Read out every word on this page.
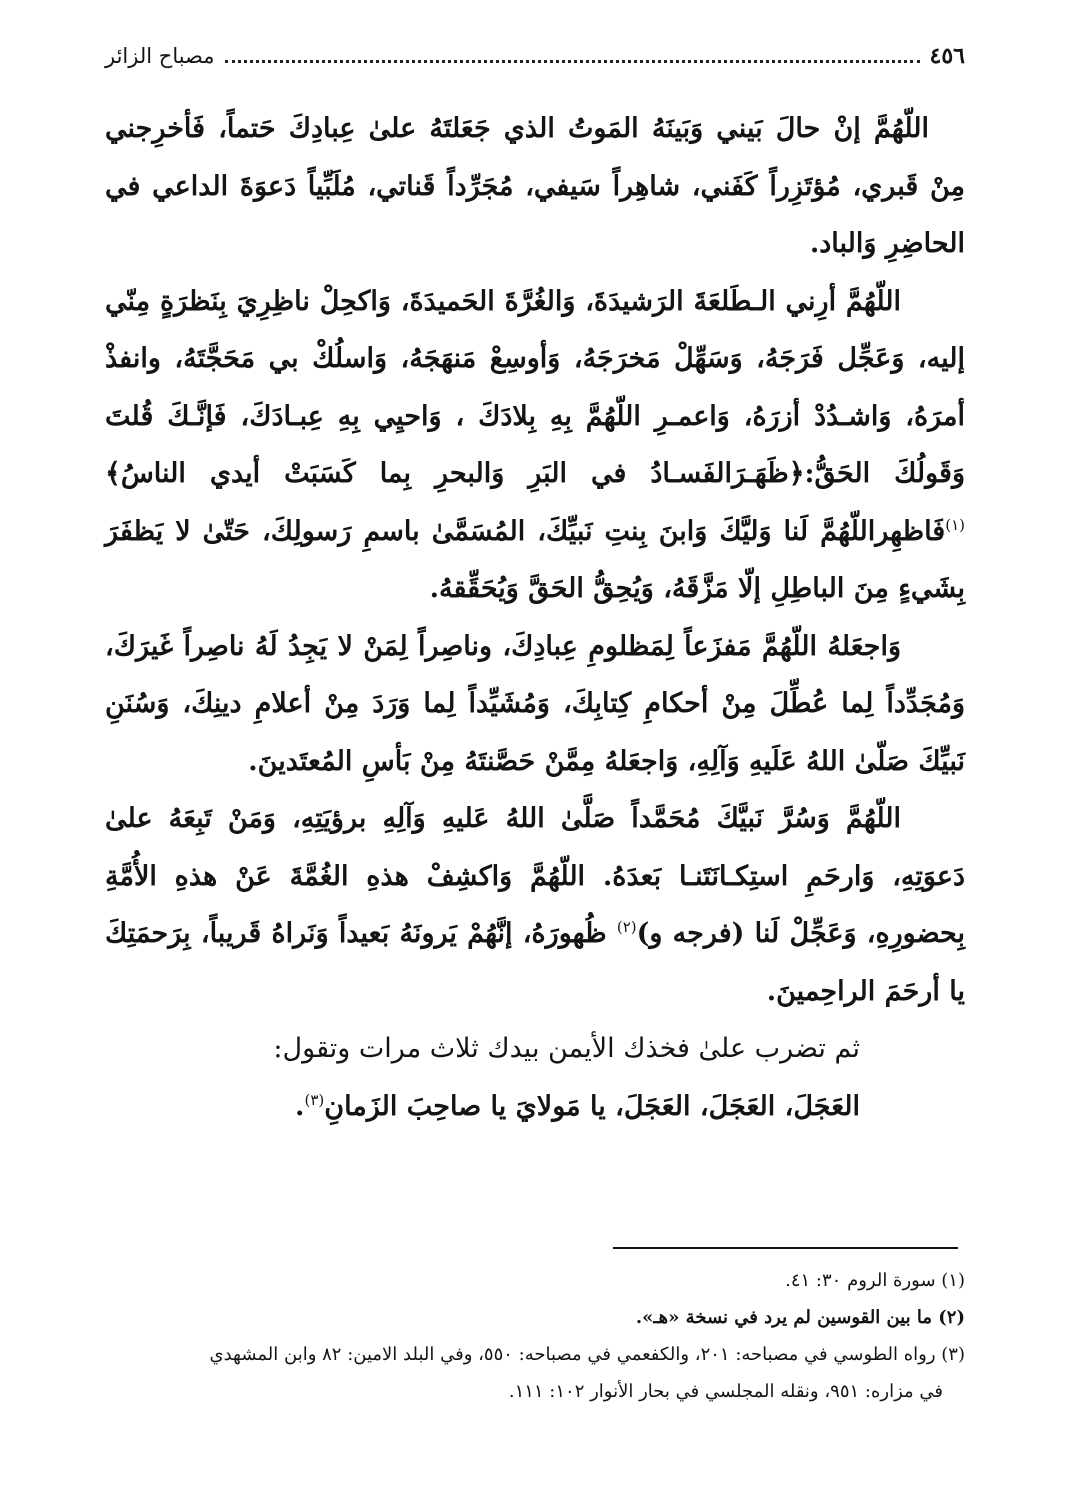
مصباح الزائر	٤٥٦

اللّهُمَّ إنْ حالَ بَيني وَبَينَهُ المَوتُ الذي جَعَلتَهُ علىٰ عِبادِكَ حَتماً، فَأخرِجني مِنْ قَبري، مُؤتَزِراً كَفَني، شاهِراً سَيفي، مُجَرِّداً قَناتي، مُلَبِّياً دَعوَةَ الداعي في الحاضِرِ وَالباد.

اللّهُمَّ أرِني الـطَلعَةَ الرَشيدَةَ، وَالغُرَّةَ الحَميدَةَ، وَاكحِلْ ناظِرِيَ بِنَظرَةٍ مِنّي إليه، وَعَجِّل فَرَجَهُ، وَسَهِّلْ مَخرَجَهُ، وَأوسِعْ مَنهَجَهُ، وَاسلُكْ بي مَحَجَّتَهُ، وانفذْ أمرَهُ، وَاشـدُدْ أزرَهُ، وَاعمـرِ اللّهُمَّ بِهِ بِلادَكَ ، وَاحيِي بِهِ عِبـادَكَ، فَإنَّـكَ قُلتَ وَقَولُكَ الحَقُّ:﴿ظَهَـرَالفَسـادُ في البَرِ وَالبحرِ بِما كَسَبَتْ أيدي الناسُ﴾$^{(١)}$فَاظهِراللّهُمَّ لَنا وَليَّكَ وَابنَ بِنتِ نَبيِّكَ، المُسَمَّىٰ باسمِ رَسولِكَ، حَتّىٰ لا يَظفَرَ بِشَيءٍ مِنَ الباطِلِ إلّا مَزَّقَهُ، وَيُحِقُّ الحَقَّ وَيُحَقِّقهُ.

وَاجعَلهُ اللّهُمَّ مَفزَعاً لِمَظلومِ عِبادِكَ، وناصِراً لِمَنْ لا يَجِدُ لَهُ ناصِراً غَيرَكَ، وَمُجَدِّداً لِما عُطِّلَ مِنْ أحكامِ كِتابِكَ، وَمُشَيِّداً لِما وَرَدَ مِنْ أعلامِ دينِكَ، وَسُنَنِ نَبيِّكَ صَلّىٰ اللهُ عَلَيهِ وَآلِهِ، وَاجعَلهُ مِمَّنْ حَصَّنتَهُ مِنْ بَأسِ المُعتَدينَ.

اللّهُمَّ وَسُرَّ نَبيَّكَ مُحَمَّداً صَلَّىٰ اللهُ عَليهِ وَآلِهِ برؤيَتِهِ، وَمَنْ تَبِعَهُ علىٰ دَعوَتِهِ، وَارحَمِ استِكـانَتَنـا بَعدَهُ. اللّهُمَّ وَاكشِفْ هذهِ الغُمَّةَ عَنْ هذهِ الأُمَّةِ بِحضورِهِ، وَعَجِّلْ لَنا (فرجه و)$^{(٢)}$ ظُهورَهُ، إنَّهُمْ يَرونَهُ بَعيداً وَنَراهُ قَريباً، بِرَحمَتِكَ يا أرحَمَ الراحِمينَ.

ثم تضرب علىٰ فخذك الأيمن بيدك ثلاث مرات وتقول:

العَجَلَ، العَجَلَ، العَجَلَ، يا مَولايَ يا صاحِبَ الزَمانِ$^{(٣)}$.

(١) سورة الروم ٣٠: ٤١.

(٢) ما بين القوسين لم يرد في نسخة «هـ».

(٣) رواه الطوسي في مصباحه: ٢٠١، والكفعمي في مصباحه: ٥٥٠، وفي البلد الامين: ٨٢ وابن المشهدي

في مزاره: ٩٥١، ونقله المجلسي في بحار الأنوار ١٠٢: ١١١.
